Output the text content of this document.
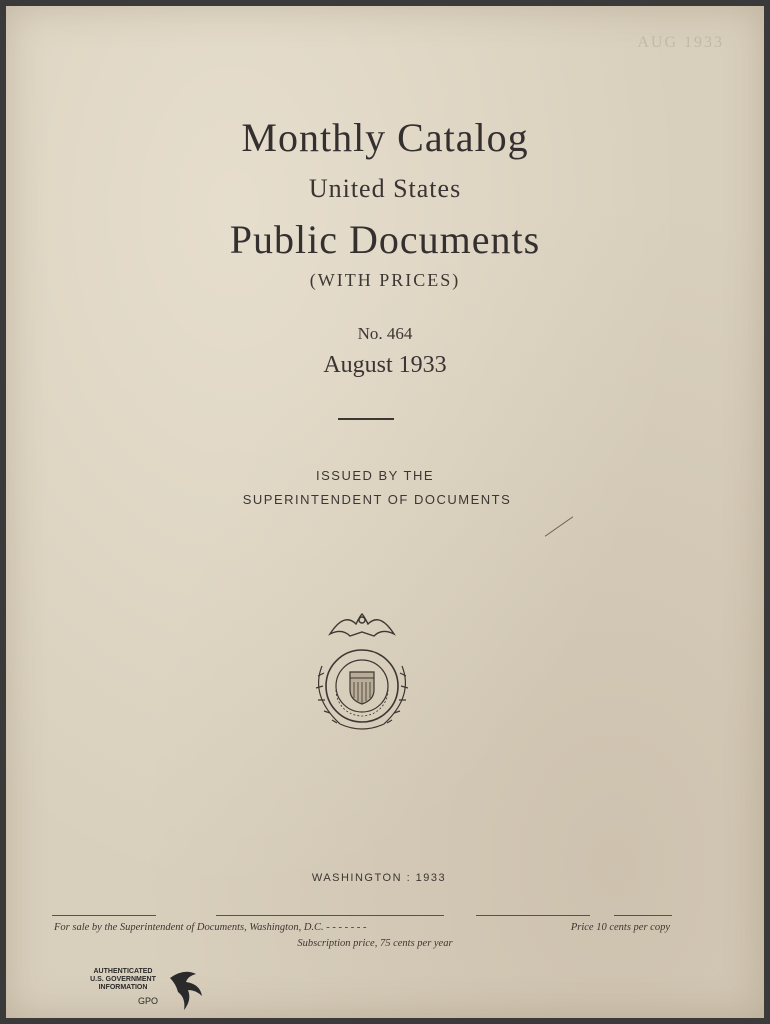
AUG 1933
Monthly Catalog
United States
Public Documents
(WITH PRICES)
No. 464
August 1933
ISSUED BY THE
SUPERINTENDENT OF DOCUMENTS
WASHINGTON : 1933
For sale by the Superintendent of Documents, Washington, D.C. - - - - - - -	Price 10 cents per copy
Subscription price, 75 cents per year
AUTHENTICATED
U.S. GOVERNMENT
INFORMATION
GPO
